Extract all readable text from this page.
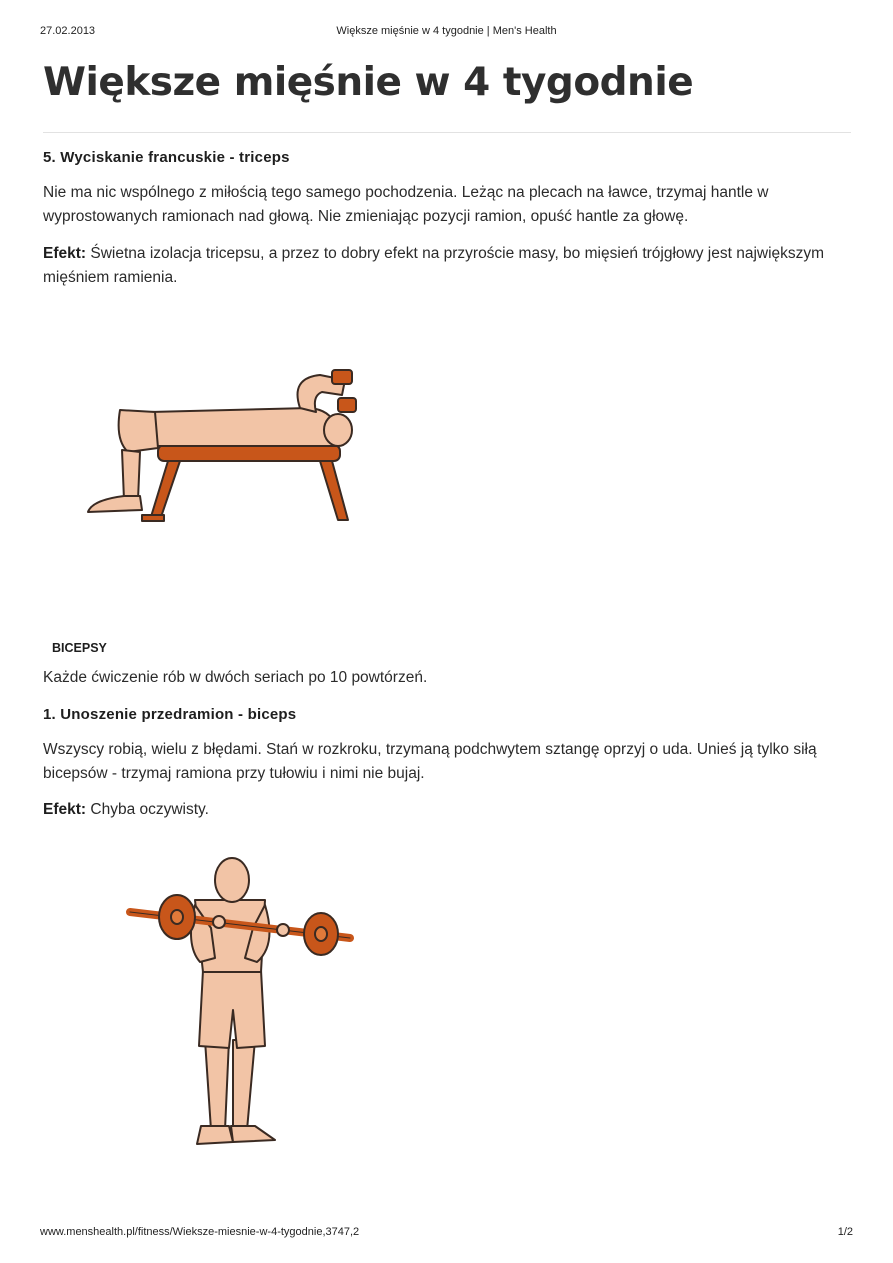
27.02.2013	Większe mięśnie w 4 tygodnie | Men's Health
Większe mięśnie w 4 tygodnie
5. Wyciskanie francuskie - triceps

Nie ma nic wspólnego z miłością tego samego pochodzenia. Leżąc na plecach na ławce, trzymaj hantle w wyprostowanych ramionach nad głową. Nie zmieniając pozycji ramion, opuść hantle za głowę.

Efekt: Świetna izolacja tricepsu, a przez to dobry efekt na przyroście masy, bo mięsień trójgłowy jest największym mięśniem ramienia.

BICEPSY

Każde ćwiczenie rób w dwóch seriach po 10 powtórzeń.

1. Unoszenie przedramion - biceps

Wszyscy robią, wielu z błędami. Stań w rozkroku, trzymaną podchwytem sztangę oprzyj o uda. Unieś ją tylko siłą bicepsów - trzymaj ramiona przy tułowiu i nimi nie bujaj.

Efekt: Chyba oczywisty.

www.menshealth.pl/fitness/Wieksze-miesnie-w-4-tygodnie,3747,2	1/2
